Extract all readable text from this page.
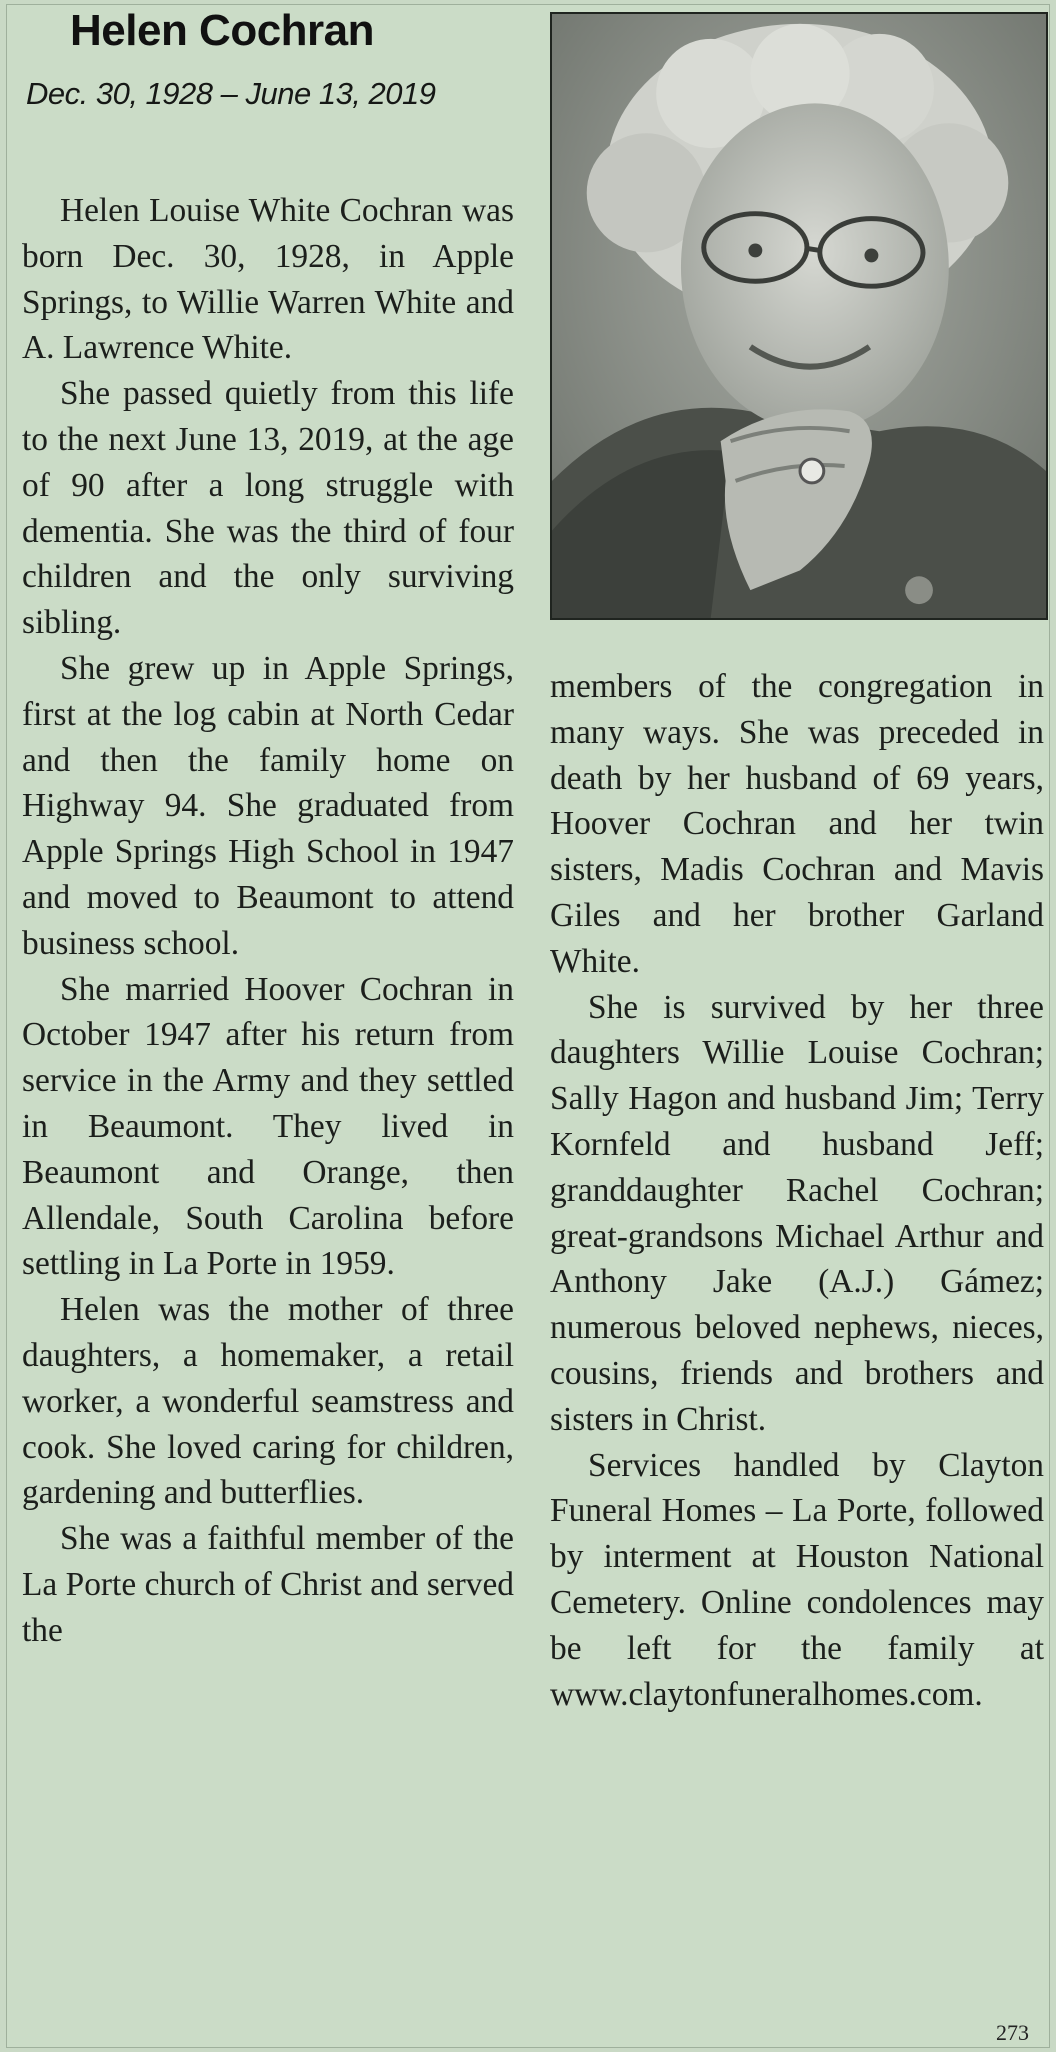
Helen Cochran
Dec. 30, 1928 – June 13, 2019

Helen Louise White Cochran was born Dec. 30, 1928, in Apple Springs, to Willie Warren White and A. Lawrence White.

She passed quietly from this life to the next June 13, 2019, at the age of 90 after a long struggle with dementia. She was the third of four children and the only surviving sibling.

She grew up in Apple Springs, first at the log cabin at North Cedar and then the family home on Highway 94. She graduated from Apple Springs High School in 1947 and moved to Beaumont to attend business school.

She married Hoover Cochran in October 1947 after his return from service in the Army and they settled in Beaumont. They lived in Beaumont and Orange, then Allendale, South Carolina before settling in La Porte in 1959.

Helen was the mother of three daughters, a homemaker, a retail worker, a wonderful seamstress and cook. She loved caring for children, gardening and butterflies.

She was a faithful member of the La Porte church of Christ and served the

members of the congregation in many ways. She was preceded in death by her husband of 69 years, Hoover Cochran and her twin sisters, Madis Cochran and Mavis Giles and her brother Garland White.

She is survived by her three daughters Willie Louise Cochran; Sally Hagon and husband Jim; Terry Kornfeld and husband Jeff; granddaughter Rachel Cochran; great-grandsons Michael Arthur and Anthony Jake (A.J.) Gámez; numerous beloved nephews, nieces, cousins, friends and brothers and sisters in Christ.

Services handled by Clayton Funeral Homes – La Porte, followed by interment at Houston National Cemetery. Online condolences may be left for the family at www.claytonfuneralhomes.com.

273
